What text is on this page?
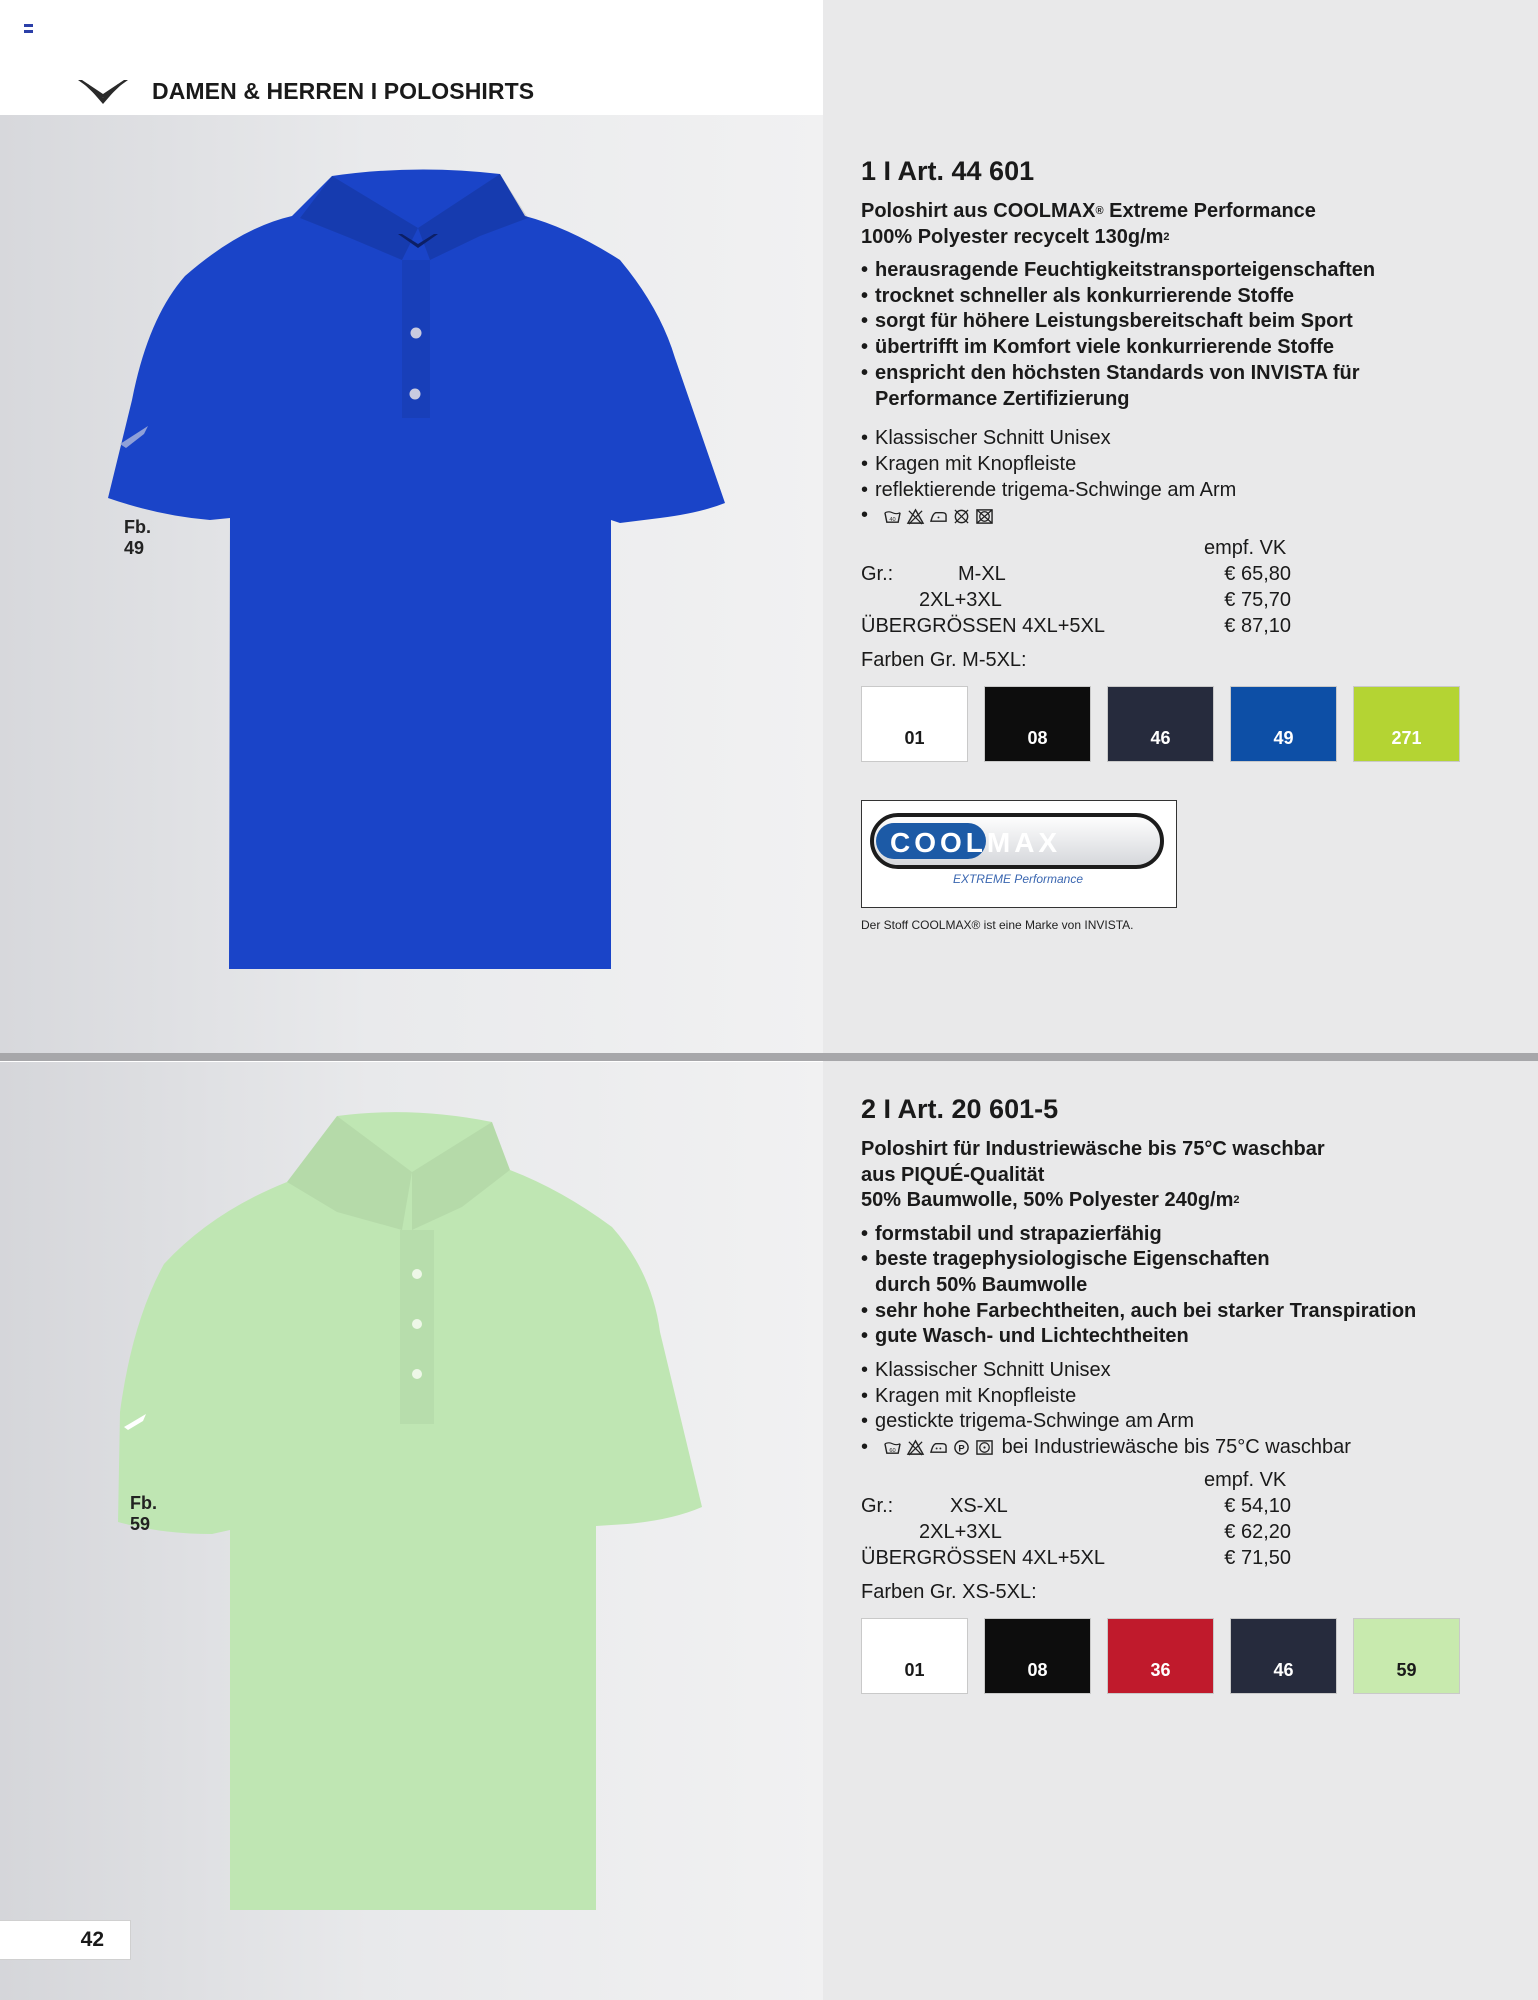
DAMEN & HERREN I POLOSHIRTS
Fb.
49
Fb.
59
1 I Art. 44 601
Poloshirt aus COOLMAX® Extreme Performance
100% Polyester recycelt $130g/m^2$
• herausragende Feuchtigkeitstransporteigenschaften
• trocknet schneller als konkurrierende Stoffe
• sorgt für höhere Leistungsbereitschaft beim Sport
• übertrifft im Komfort viele konkurrierende Stoffe
• enspricht den höchsten Standards von INVISTA für Performance Zertifizierung
• Klassischer Schnitt Unisex
• Kragen mit Knopfleiste
• reflektierende trigema-Schwinge am Arm

• 40
empf. VK
Gr.:	M-XL	€ 65,80
2XL+3XL	€ 75,70
ÜBERGRÖSSEN 4XL+5XL	€ 87,10
Farben Gr. M-5XL:
01	08	46	49	271
COOLMAX
EXTREME Performance
Der Stoff COOLMAX® ist eine Marke von INVISTA.
2 I Art. 20 601-5
Poloshirt für Industriewäsche bis 75°C waschbar
aus PIQUÉ-Qualität
50% Baumwolle, 50% Polyester $240g/m^2$
• formstabil und strapazierfähig
• beste tragephysiologische Eigenschaften durch 50% Baumwolle
• sehr hohe Farbechtheiten, auch bei starker Transpiration
• gute Wasch- und Lichtechtheiten
• Klassischer Schnitt Unisex
• Kragen mit Knopfleiste
• gestickte trigema-Schwinge am Arm

• 60	P bei Industriewäsche bis 75°C waschbar
empf. VK
Gr.:	XS-XL	€ 54,10
2XL+3XL	€ 62,20
ÜBERGRÖSSEN 4XL+5XL	€ 71,50
Farben Gr. XS-5XL:
01	08	36	46	59
42
